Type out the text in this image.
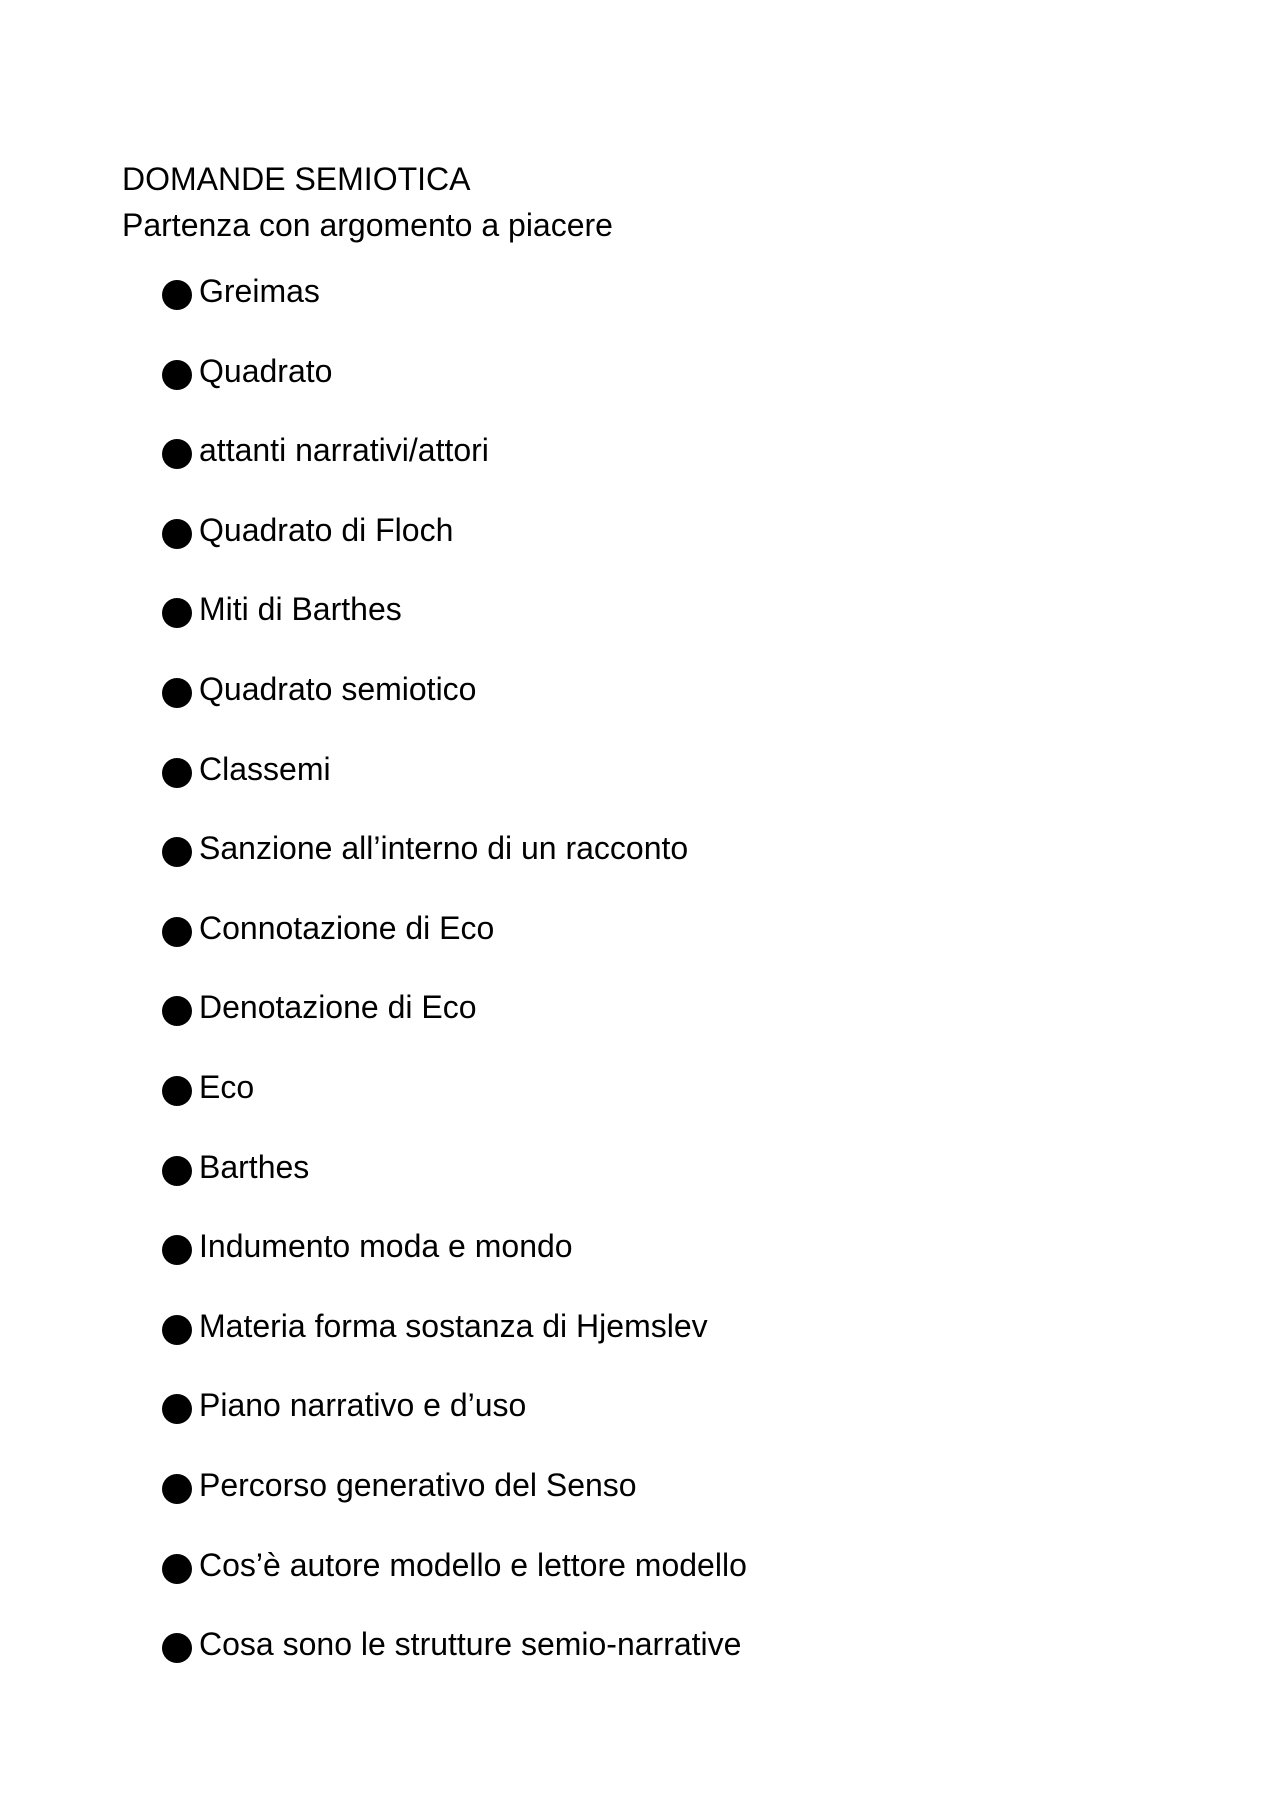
DOMANDE SEMIOTICA

Partenza con argomento a piacere

Greimas
Quadrato
attanti narrativi/attori
Quadrato di Floch
Miti di Barthes
Quadrato semiotico
Classemi
Sanzione all’interno di un racconto
Connotazione di Eco
Denotazione di Eco
Eco
Barthes
Indumento moda e mondo
Materia forma sostanza di Hjemslev
Piano narrativo e d’uso
Percorso generativo del Senso
Cos’è autore modello e lettore modello
Cosa sono le strutture semio-narrative
